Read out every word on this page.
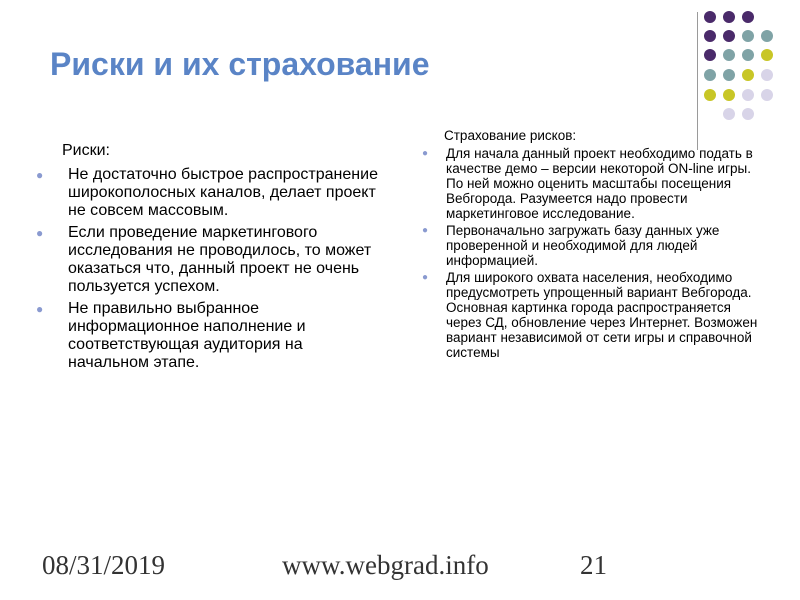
Риски и их страхование
Риски:
● Не достаточно быстрое распространение широкополосных каналов, делает проект не совсем массовым.
● Если проведение маркетингового исследования не проводилось, то может оказаться что, данный проект не очень пользуется успехом.
● Не правильно выбранное информационное наполнение и соответствующая аудитория на начальном этапе.
Страхование рисков:
● Для начала данный проект необходимо подать в качестве демо – версии некоторой ON-line игры. По ней можно оценить масштабы посещения Вебгорода. Разумеется надо провести маркетинговое исследование.
● Первоначально загружать базу данных уже проверенной и необходимой для людей информацией.
● Для широкого охвата населения, необходимо предусмотреть упрощенный вариант Вебгорода. Основная картинка города распространяется через СД, обновление через Интернет. Возможен вариант независимой от сети игры и справочной системы
08/31/2019	www.webgrad.info	21
